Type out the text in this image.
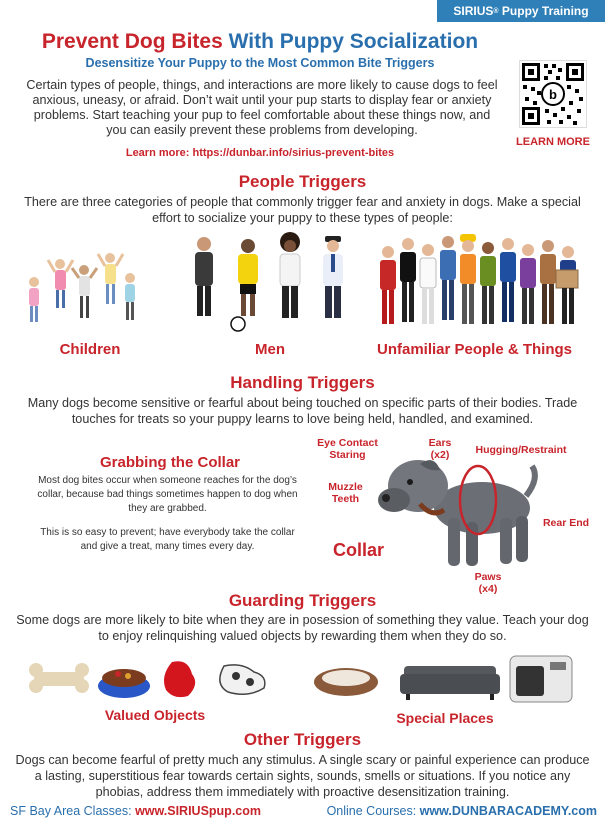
SIRIUS ® Puppy Training
Prevent Dog Bites With Puppy Socialization
Desensitize Your Puppy to the Most Common Bite Triggers
Certain types of people, things, and interactions are more likely to cause dogs to feel anxious, uneasy, or afraid. Don’t wait until your pup starts to display fear or anxiety problems. Start teaching your pup to feel comfortable about these things now, and you can easily prevent these problems from developing.
Learn more: https://dunbar.info/sirius-prevent-bites
b
LEARN MORE
People Triggers
There are three categories of people that commonly trigger fear and anxiety in dogs. Make a special effort to socialize your puppy to these types of people:
Children	Men	Unfamiliar People & Things
Handling Triggers
Many dogs become sensitive or fearful about being touched on specific parts of their bodies. Trade touches for treats so your puppy learns to love being held, handled, and examined.
Grabbing the Collar
Most dog bites occur when someone reaches for the dog’s collar, because bad things sometimes happen to dog when they are grabbed.
This is so easy to prevent; have everybody take the collar and give a treat, many times every day.
Eye Contact
Staring
Ears
(x2)	Hugging/Restraint
Muzzle
Teeth
Rear End
Paws
(x4)
Collar
Guarding Triggers
Some dogs are more likely to bite when they are in posession of something they value. Teach your dog to enjoy relinquishing valued objects by rewarding them when they do so.
Valued Objects	Special Places
Other Triggers
Dogs can become fearful of pretty much any stimulus. A single scary or painful experience can produce a lasting, superstitious fear towards certain sights, sounds, smells or situations. If you notice any phobias, address them immediately with proactive desensitization training.
SF Bay Area Classes: www.SIRIUSpup.com	Online Courses: www.DUNBARACADEMY.com
